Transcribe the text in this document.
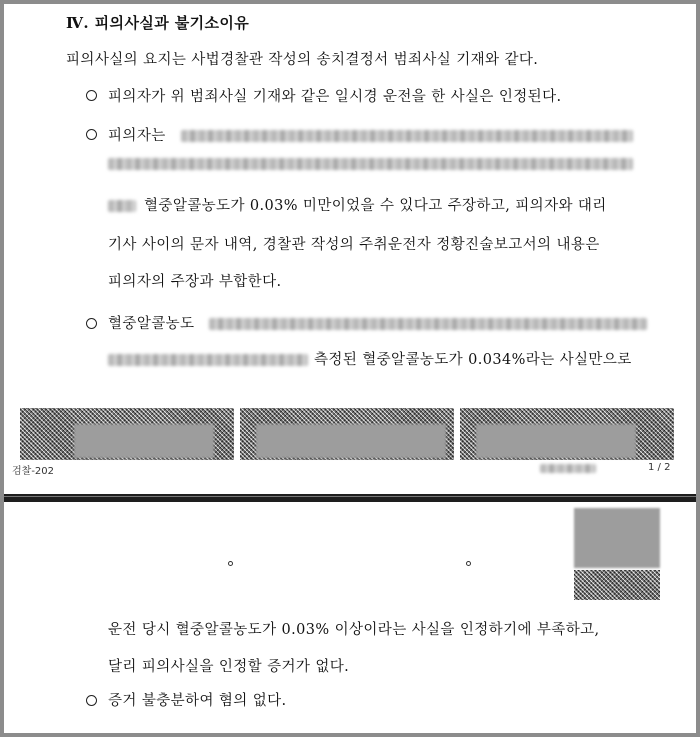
Ⅳ. 피의사실과 불기소이유
피의사실의 요지는 사법경찰관 작성의 송치결정서 범죄사실 기재와 같다.
피의자가 위 범죄사실 기재와 같은 일시경 운전을 한 사실은 인정된다.
피의자는
혈중알콜농도가 0.03% 미만이었을 수 있다고 주장하고, 피의자와 대리
기사 사이의 문자 내역, 경찰관 작성의 주취운전자 정황진술보고서의 내용은
피의자의 주장과 부합한다.
혈중알콜농도
측정된 혈중알콜농도가 0.034%라는 사실만으로
검찰-202	1 / 2
운전 당시 혈중알콜농도가 0.03% 이상이라는 사실을 인정하기에 부족하고,
달리 피의사실을 인정할 증거가 없다.
증거 불충분하여 혐의 없다.
